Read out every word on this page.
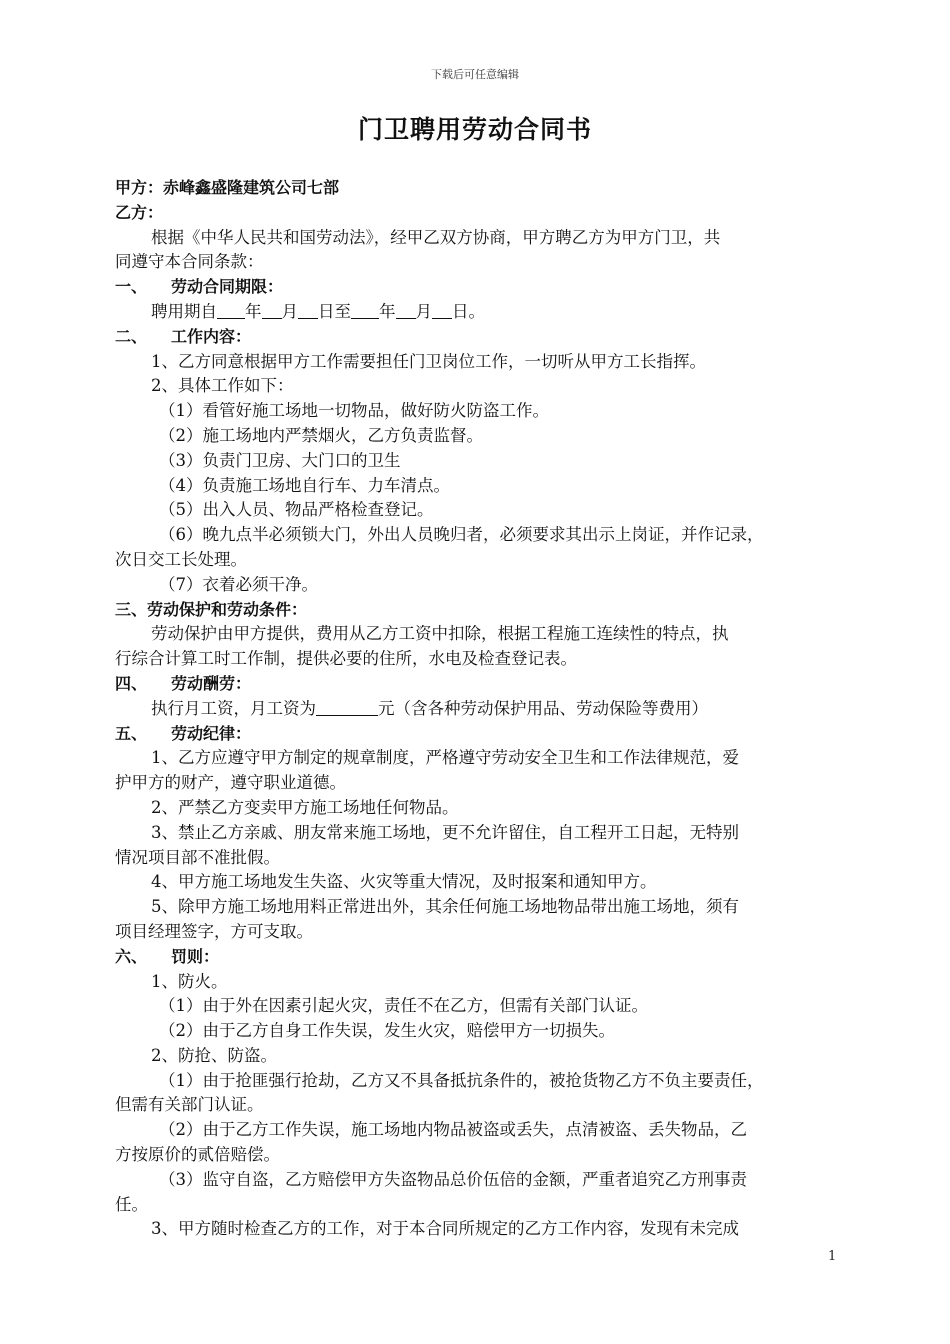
下载后可任意编辑
门卫聘用劳动合同书
甲方：赤峰鑫盛隆建筑公司七部
乙方：
根据《中华人民共和国劳动法》，经甲乙双方协商，甲方聘乙方为甲方门卫，共
同遵守本合同条款：
一、 劳动合同期限：
聘用期自 年 月 日至 年 月 日。
二、 工作内容：
1、乙方同意根据甲方工作需要担任门卫岗位工作，一切听从甲方工长指挥。
2、具体工作如下：
（1）看管好施工场地一切物品，做好防火防盗工作。
（2）施工场地内严禁烟火，乙方负责监督。
（3）负责门卫房、大门口的卫生
（4）负责施工场地自行车、力车清点。
（5）出入人员、物品严格检查登记。
（6）晚九点半必须锁大门，外出人员晚归者，必须要求其出示上岗证，并作记录，
次日交工长处理。
（7）衣着必须干净。
三、劳动保护和劳动条件：
劳动保护由甲方提供，费用从乙方工资中扣除，根据工程施工连续性的特点，执
行综合计算工时工作制，提供必要的住所，水电及检查登记表。
四、 劳动酬劳：
执行月工资，月工资为	元（含各种劳动保护用品、劳动保险等费用）
五、 劳动纪律：
1、乙方应遵守甲方制定的规章制度，严格遵守劳动安全卫生和工作法律规范，爱
护甲方的财产，遵守职业道德。
2、严禁乙方变卖甲方施工场地任何物品。
3、禁止乙方亲戚、朋友常来施工场地，更不允许留住，自工程开工日起，无特别
情况项目部不准批假。
4、甲方施工场地发生失盗、火灾等重大情况，及时报案和通知甲方。
5、除甲方施工场地用料正常进出外，其余任何施工场地物品带出施工场地，须有
项目经理签字，方可支取。
六、 罚则：
1、防火。
（1）由于外在因素引起火灾，责任不在乙方，但需有关部门认证。
（2）由于乙方自身工作失误，发生火灾，赔偿甲方一切损失。
2、防抢、防盗。
（1）由于抢匪强行抢劫，乙方又不具备抵抗条件的，被抢货物乙方不负主要责任，
但需有关部门认证。
（2）由于乙方工作失误，施工场地内物品被盗或丢失，点清被盗、丢失物品，乙
方按原价的贰倍赔偿。
（3）监守自盗，乙方赔偿甲方失盗物品总价伍倍的金额，严重者追究乙方刑事责
任。
3、甲方随时检查乙方的工作，对于本合同所规定的乙方工作内容，发现有未完成
1
